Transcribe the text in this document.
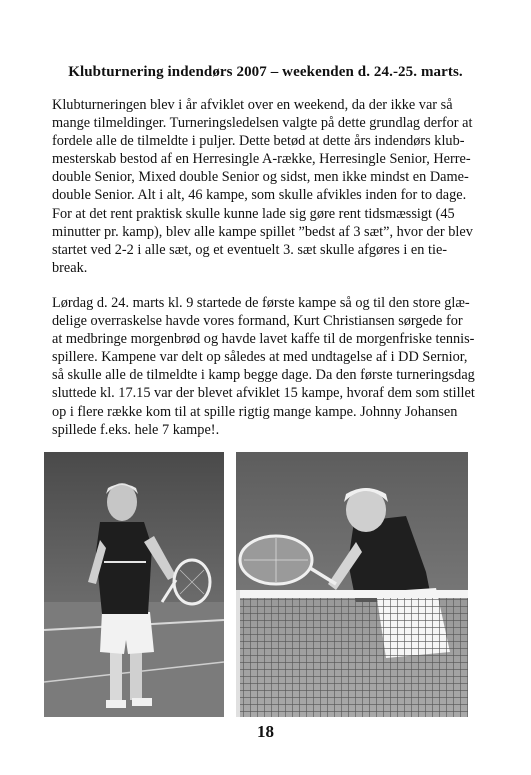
Klubturnering indendørs 2007 – weekenden d. 24.-25. marts.

Klubturneringen blev i år afviklet over en weekend, da der ikke var så
mange tilmeldinger. Turneringsledelsen valgte på dette grundlag derfor at
fordele alle de tilmeldte i puljer. Dette betød at dette års indendørs klub-
mesterskab bestod af en Herresingle A-række, Herresingle Senior, Herre-
double Senior, Mixed double Senior og sidst, men ikke mindst en Dame-
double Senior. Alt i alt, 46 kampe, som skulle afvikles inden for to dage.
For at det rent praktisk skulle kunne lade sig gøre rent tidsmæssigt (45
minutter pr. kamp), blev alle kampe spillet ”bedst af 3 sæt”, hvor der blev
startet ved 2-2 i alle sæt, og et eventuelt 3. sæt skulle afgøres i en tie-
break.

Lørdag d. 24. marts kl. 9 startede de første kampe så og til den store glæ-
delige overraskelse havde vores formand, Kurt Christiansen sørgede for
at medbringe morgenbrød og havde lavet kaffe til de morgenfriske tennis-
spillere. Kampene var delt op således at med undtagelse af i DD Sernior,
så skulle alle de tilmeldte i kamp begge dage. Da den første turneringsdag
sluttede kl. 17.15 var der blevet afviklet 15 kampe, hvoraf dem som stillet
op i flere række kom til at spille rigtig mange kampe. Johnny Johansen
spillede f.eks. hele 7 kampe!.

18
